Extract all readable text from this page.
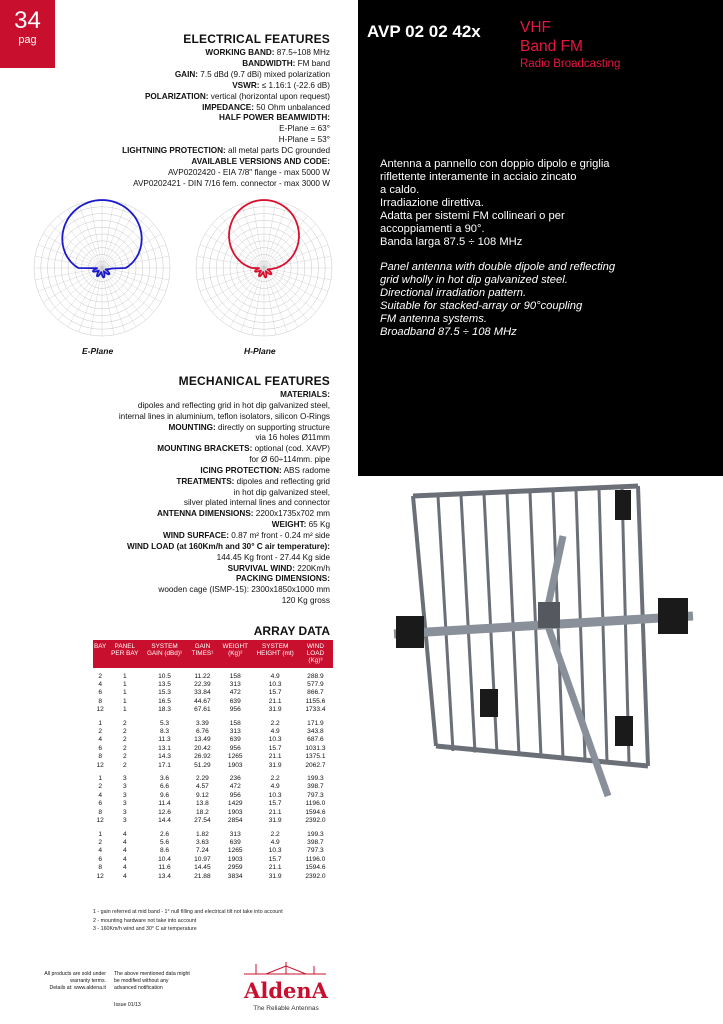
34
pag	ELECTRICAL FEATURES
WORKING BAND: 87.5÷108 MHz
BANDWIDTH: FM band
GAIN: 7.5 dBd (9.7 dBi) mixed polarization
VSWR: ≤ 1.16:1 (-22.6 dB)
POLARIZATION: vertical (horizontal upon request)
IMPEDANCE: 50 Ohm unbalanced
HALF POWER BEAMWIDTH:
E-Plane = 63°
H-Plane = 53°
LIGHTNING PROTECTION: all metal parts DC grounded
AVAILABLE VERSIONS AND CODE:
AVP0202420 - EIA 7/8" flange - max 5000 W
AVP0202421 - DIN 7/16 fem. connector - max 3000 W
E-Plane	H-Plane
MECHANICAL FEATURES
MATERIALS:
dipoles and reflecting grid in hot dip galvanized steel,
internal lines in aluminium, teflon isolators, silicon O-Rings
MOUNTING: directly on supporting structure
via 16 holes Ø11mm
MOUNTING BRACKETS: optional (cod. XAVP)
for Ø 60÷114mm. pipe
ICING PROTECTION: ABS radome
TREATMENTS: dipoles and reflecting grid
in hot dip galvanized steel,
silver plated internal lines and connector
ANTENNA DIMENSIONS: 2200x1735x702 mm
WEIGHT: 65 Kg
WIND SURFACE: 0.87 m² front - 0.24 m² side
WIND LOAD (at 160Km/h and 30° C air temperature):
144.45 Kg front - 27.44 Kg side
SURVIVAL WIND: 220Km/h
PACKING DIMENSIONS:
wooden cage (ISMP-15): 2300x1850x1000 mm
120 Kg gross
ARRAY DATA
BAY	PANEL PER BAY	SYSTEM GAIN (dBd)¹	GAIN TIMES¹	WEIGHT (Kg)²	SYSTEM HEIGHT (mt)	WIND LOAD (Kg)³

2	1	10.5	11.22	158	4.9	288.9
4	1	13.5	22.39	313	10.3	577.9
6	1	15.3	33.84	472	15.7	866.7
8	1	16.5	44.67	639	21.1	1155.6
12	1	18.3	67.61	956	31.9	1733.4

1	2	5.3	3.39	158	2.2	171.9
2	2	8.3	6.76	313	4.9	343.8
4	2	11.3	13.49	639	10.3	687.6
6	2	13.1	20.42	956	15.7	1031.3
8	2	14.3	26.92	1265	21.1	1375.1
12	2	17.1	51.29	1903	31.9	2062.7

1	3	3.6	2.29	236	2.2	199.3
2	3	6.6	4.57	472	4.9	398.7
4	3	9.6	9.12	956	10.3	797.3
6	3	11.4	13.8	1429	15.7	1196.0
8	3	12.6	18.2	1903	21.1	1594.6
12	3	14.4	27.54	2854	31.9	2392.0

1	4	2.6	1.82	313	2.2	199.3
2	4	5.6	3.63	639	4.9	398.7
4	4	8.6	7.24	1265	10.3	797.3
6	4	10.4	10.97	1903	15.7	1196.0
8	4	11.6	14.45	2959	21.1	1594.6
12	4	13.4	21.88	3834	31.9	2392.0
1 - gain referred at mid band - 1° null filling and electrical tilt not take into account
2 - mounting hardware not take into account
3 - 160Km/h wind and 30° C air temperature
All products are sold under
warranty terms.
Details at: www.aldena.it
The above mentioned data might
be modified without any
advanced notification
Issue 01/13
AldenA
The Reliable Antennas
AVP 02 02 42x	VHF
Band FM
Radio Broadcasting
Antenna a pannello con doppio dipolo e griglia
riflettente interamente in acciaio zincato
a caldo.
Irradiazione direttiva.
Adatta per sistemi FM collineari o per
accoppiamenti a 90°.
Banda larga 87.5 ÷ 108 MHz
Panel antenna with double dipole and reflecting
grid wholly in hot dip galvanized steel.
Directional irradiation pattern.
Suitable for stacked-array or 90°coupling
FM antenna systems.
Broadband 87.5 ÷ 108 MHz
